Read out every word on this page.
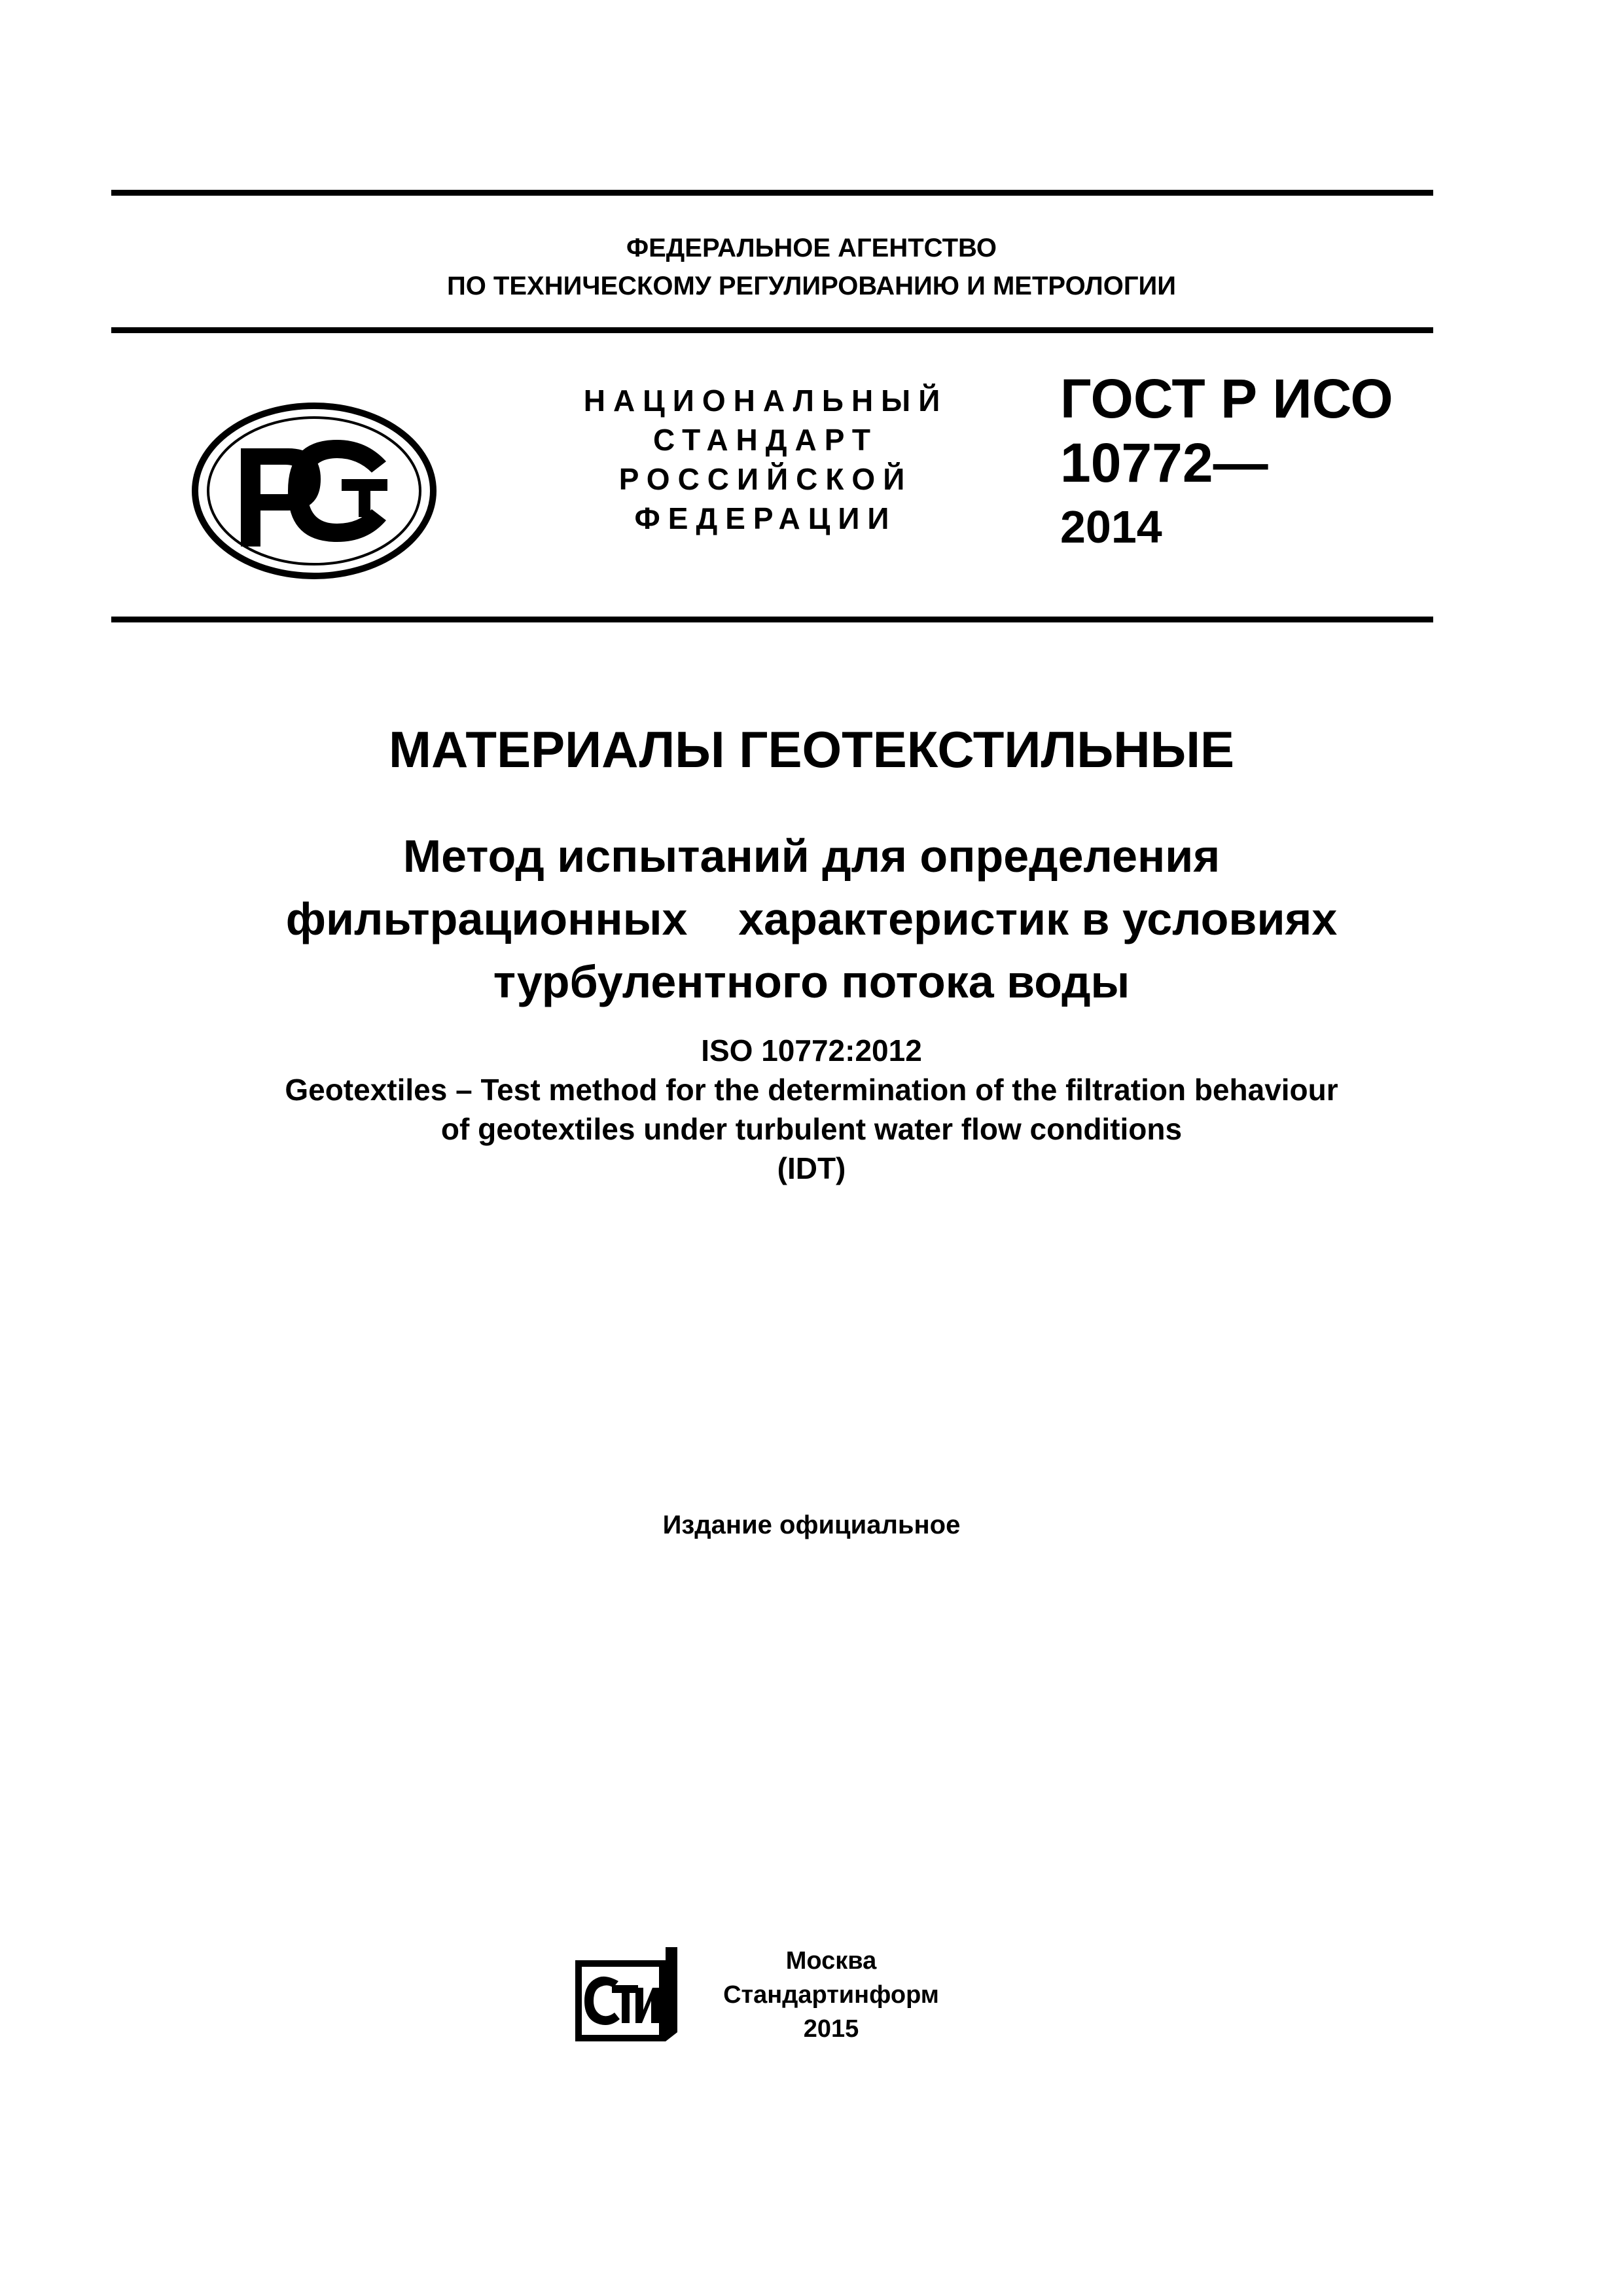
ФЕДЕРАЛЬНОЕ АГЕНТСТВО
ПО ТЕХНИЧЕСКОМУ РЕГУЛИРОВАНИЮ И МЕТРОЛОГИИ
НАЦИОНАЛЬНЫЙ
СТАНДАРТ
РОССИЙСКОЙ
ФЕДЕРАЦИИ
ГОСТ Р ИСО
10772—
2014
МАТЕРИАЛЫ ГЕОТЕКСТИЛЬНЫЕ
Метод испытаний для определения
фильтрационных    характеристик в условиях
турбулентного потока воды
ISO 10772:2012
Geotextiles – Test method for the determination of the filtration behaviour
of geotextiles under turbulent water flow conditions
(IDT)
Издание официальное
Москва
Стандартинформ
2015
